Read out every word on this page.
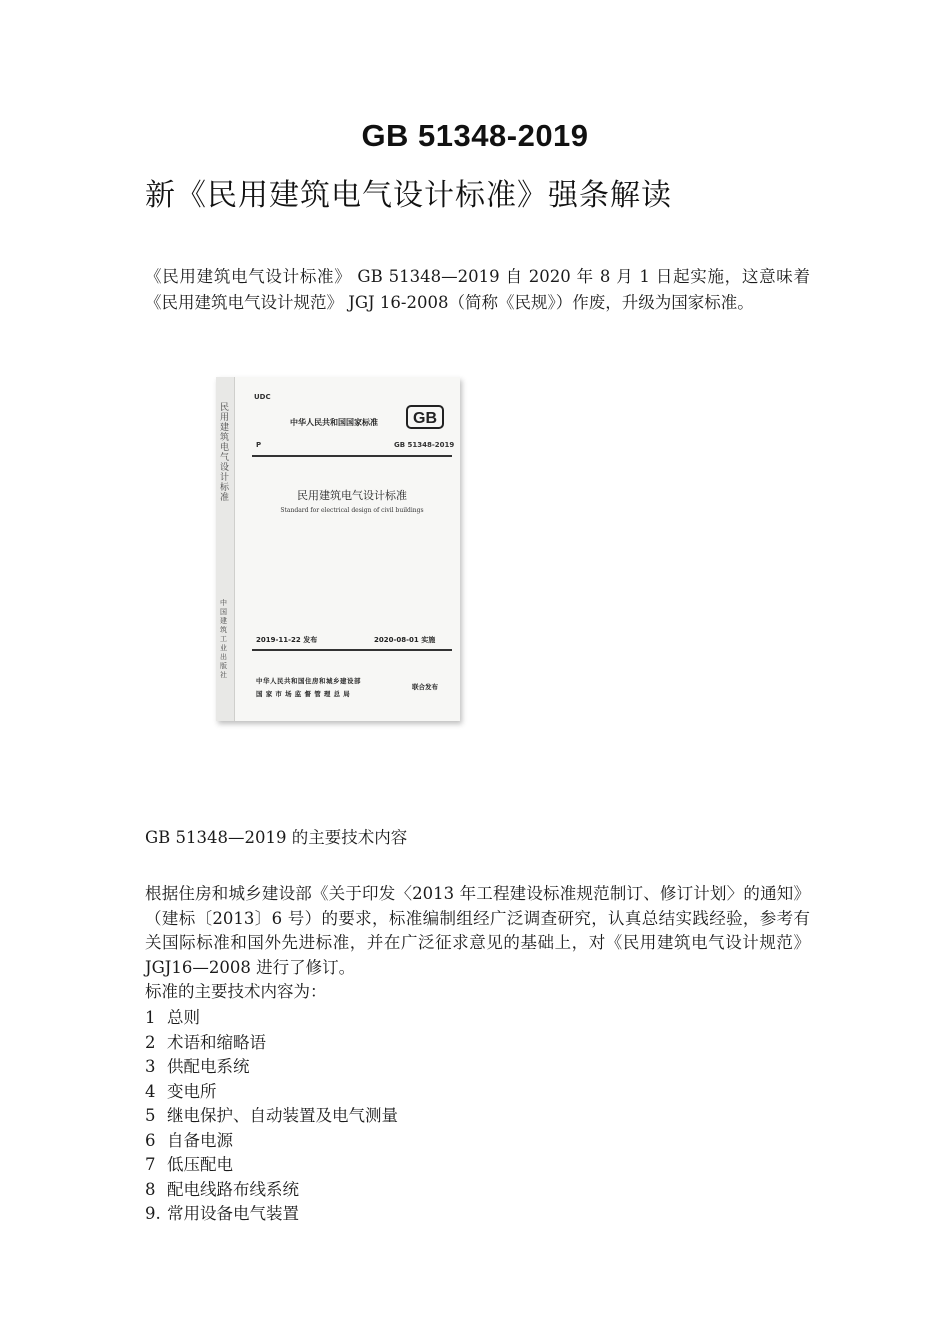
GB 51348-2019
新《民用建筑电气设计标准》强条解读

《民用建筑电气设计标准》 GB 51348—2019 自 2020 年 8 月 1 日起实施，这意味着《民用建筑电气设计规范》 JGJ 16-2008（简称《民规》）作废，升级为国家标准。

民用建筑电气设计标准
中国建筑工业出版社
UDC
中华人民共和国国家标准 GB
P	GB 51348-2019
民用建筑电气设计标准
Standard for electrical design of civil buildings
2019-11-22 发布	2020-08-01 实施
中华人民共和国住房和城乡建设部
国家市场监督管理总局
联合发布
GB 51348—2019 的主要技术内容

根据住房和城乡建设部《关于印发〈2013 年工程建设标准规范制订、修订计划〉的通知》（建标〔2013〕6 号）的要求，标准编制组经广泛调查研究，认真总结实践经验，参考有关国际标准和国外先进标准，并在广泛征求意见的基础上，对《民用建筑电气设计规范》 JGJ16—2008 进行了修订。

标准的主要技术内容为：

1 总则
2 术语和缩略语
3 供配电系统
4 变电所
5 继电保护、自动装置及电气测量
6 自备电源
7 低压配电
8 配电线路布线系统
9. 常用设备电气装置
